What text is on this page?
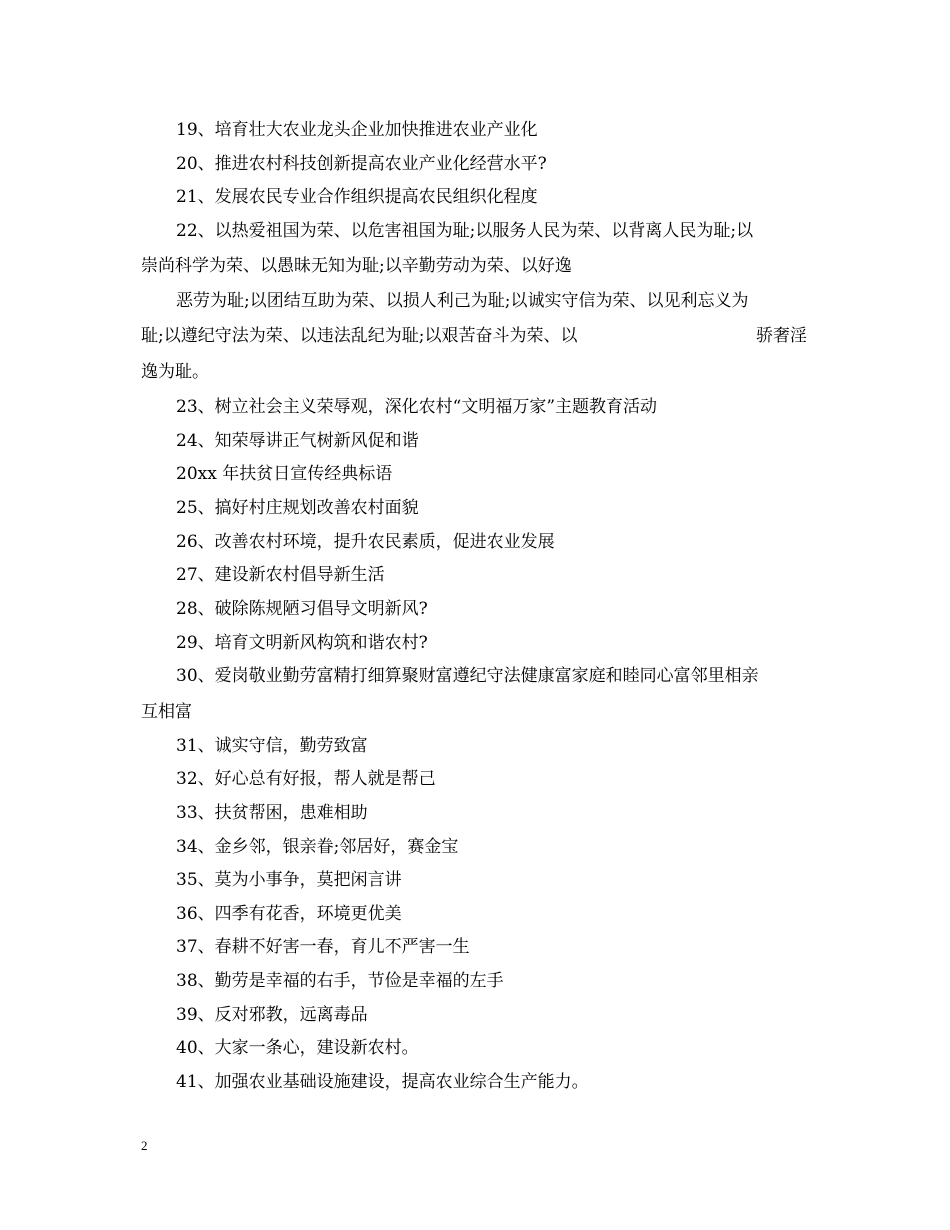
19、培育壮大农业龙头企业加快推进农业产业化
20、推进农村科技创新提高农业产业化经营水平?
21、发展农民专业合作组织提高农民组织化程度
22、以热爱祖国为荣、以危害祖国为耻;以服务人民为荣、以背离人民为耻;以
崇尚科学为荣、以愚昧无知为耻;以辛勤劳动为荣、以好逸
恶劳为耻;以团结互助为荣、以损人利己为耻;以诚实守信为荣、以见利忘义为
耻;以遵纪守法为荣、以违法乱纪为耻;以艰苦奋斗为荣、以	骄奢淫
逸为耻。
23、树立社会主义荣辱观，深化农村“文明福万家”主题教育活动
24、知荣辱讲正气树新风促和谐
20xx 年扶贫日宣传经典标语
25、搞好村庄规划改善农村面貌
26、改善农村环境，提升农民素质，促进农业发展
27、建设新农村倡导新生活
28、破除陈规陋习倡导文明新风?
29、培育文明新风构筑和谐农村?
30、爱岗敬业勤劳富精打细算聚财富遵纪守法健康富家庭和睦同心富邻里相亲
互相富
31、诚实守信，勤劳致富
32、好心总有好报，帮人就是帮己
33、扶贫帮困，患难相助
34、金乡邻，银亲眷;邻居好，赛金宝
35、莫为小事争，莫把闲言讲
36、四季有花香，环境更优美
37、春耕不好害一春，育儿不严害一生
38、勤劳是幸福的右手，节俭是幸福的左手
39、反对邪教，远离毒品
40、大家一条心，建设新农村。
41、加强农业基础设施建设，提高农业综合生产能力。
2
